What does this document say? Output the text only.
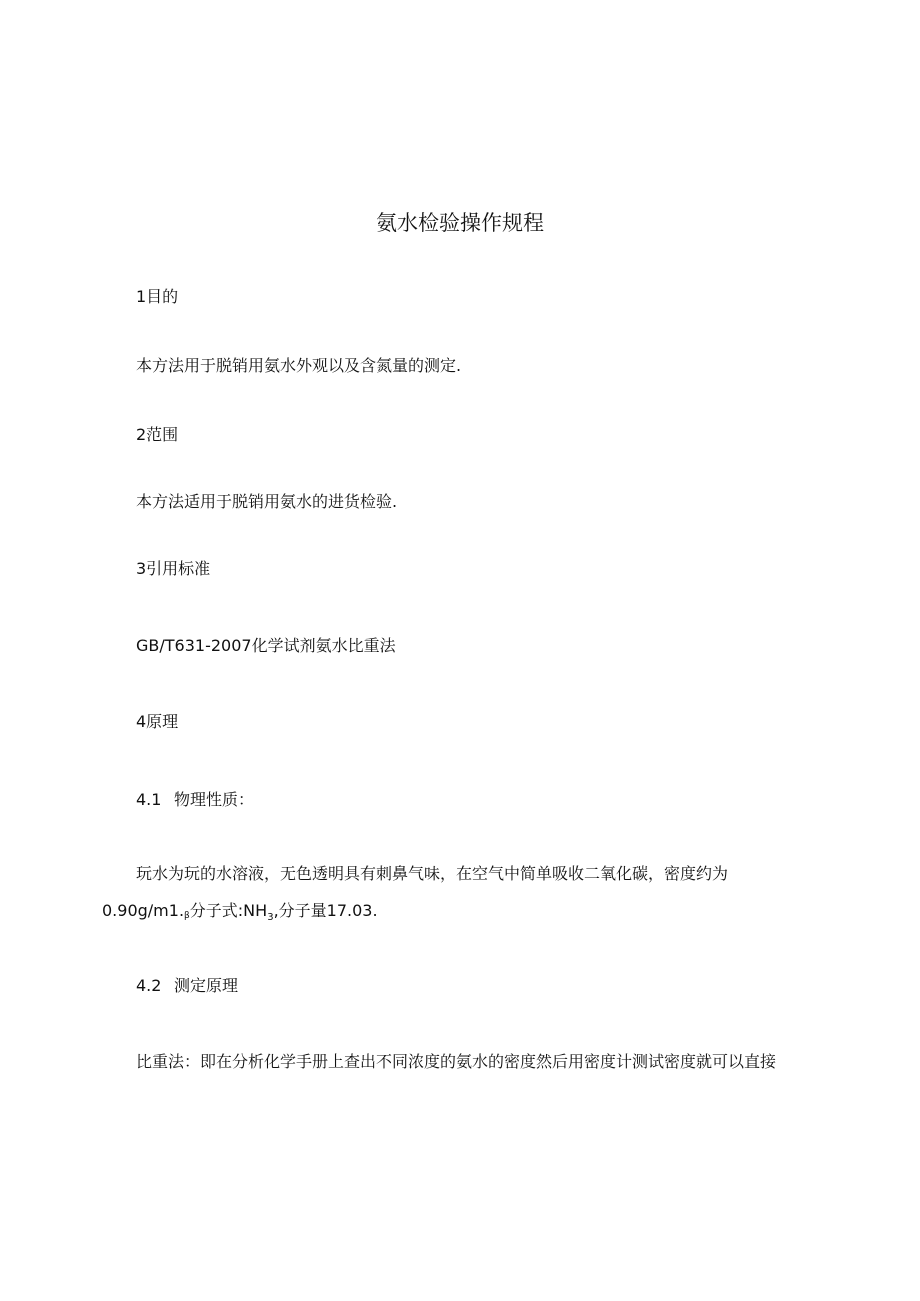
氨水检验操作规程
1目的
本方法用于脱销用氨水外观以及含氮量的测定.
2范围
本方法适用于脱销用氨水的进货检验.
3引用标准
GB/T631-2007化学试剂氨水比重法
4原理
4.1 物理性质：
玩水为玩的水溶液，无色透明具有刺鼻气味，在空气中简单吸收二氧化碳，密度约为
0.90g∕m1.β分子式$:NH_3$,分子量17.03.
4.2 测定原理
比重法：即在分析化学手册上查出不同浓度的氨水的密度然后用密度计测试密度就可以直接
